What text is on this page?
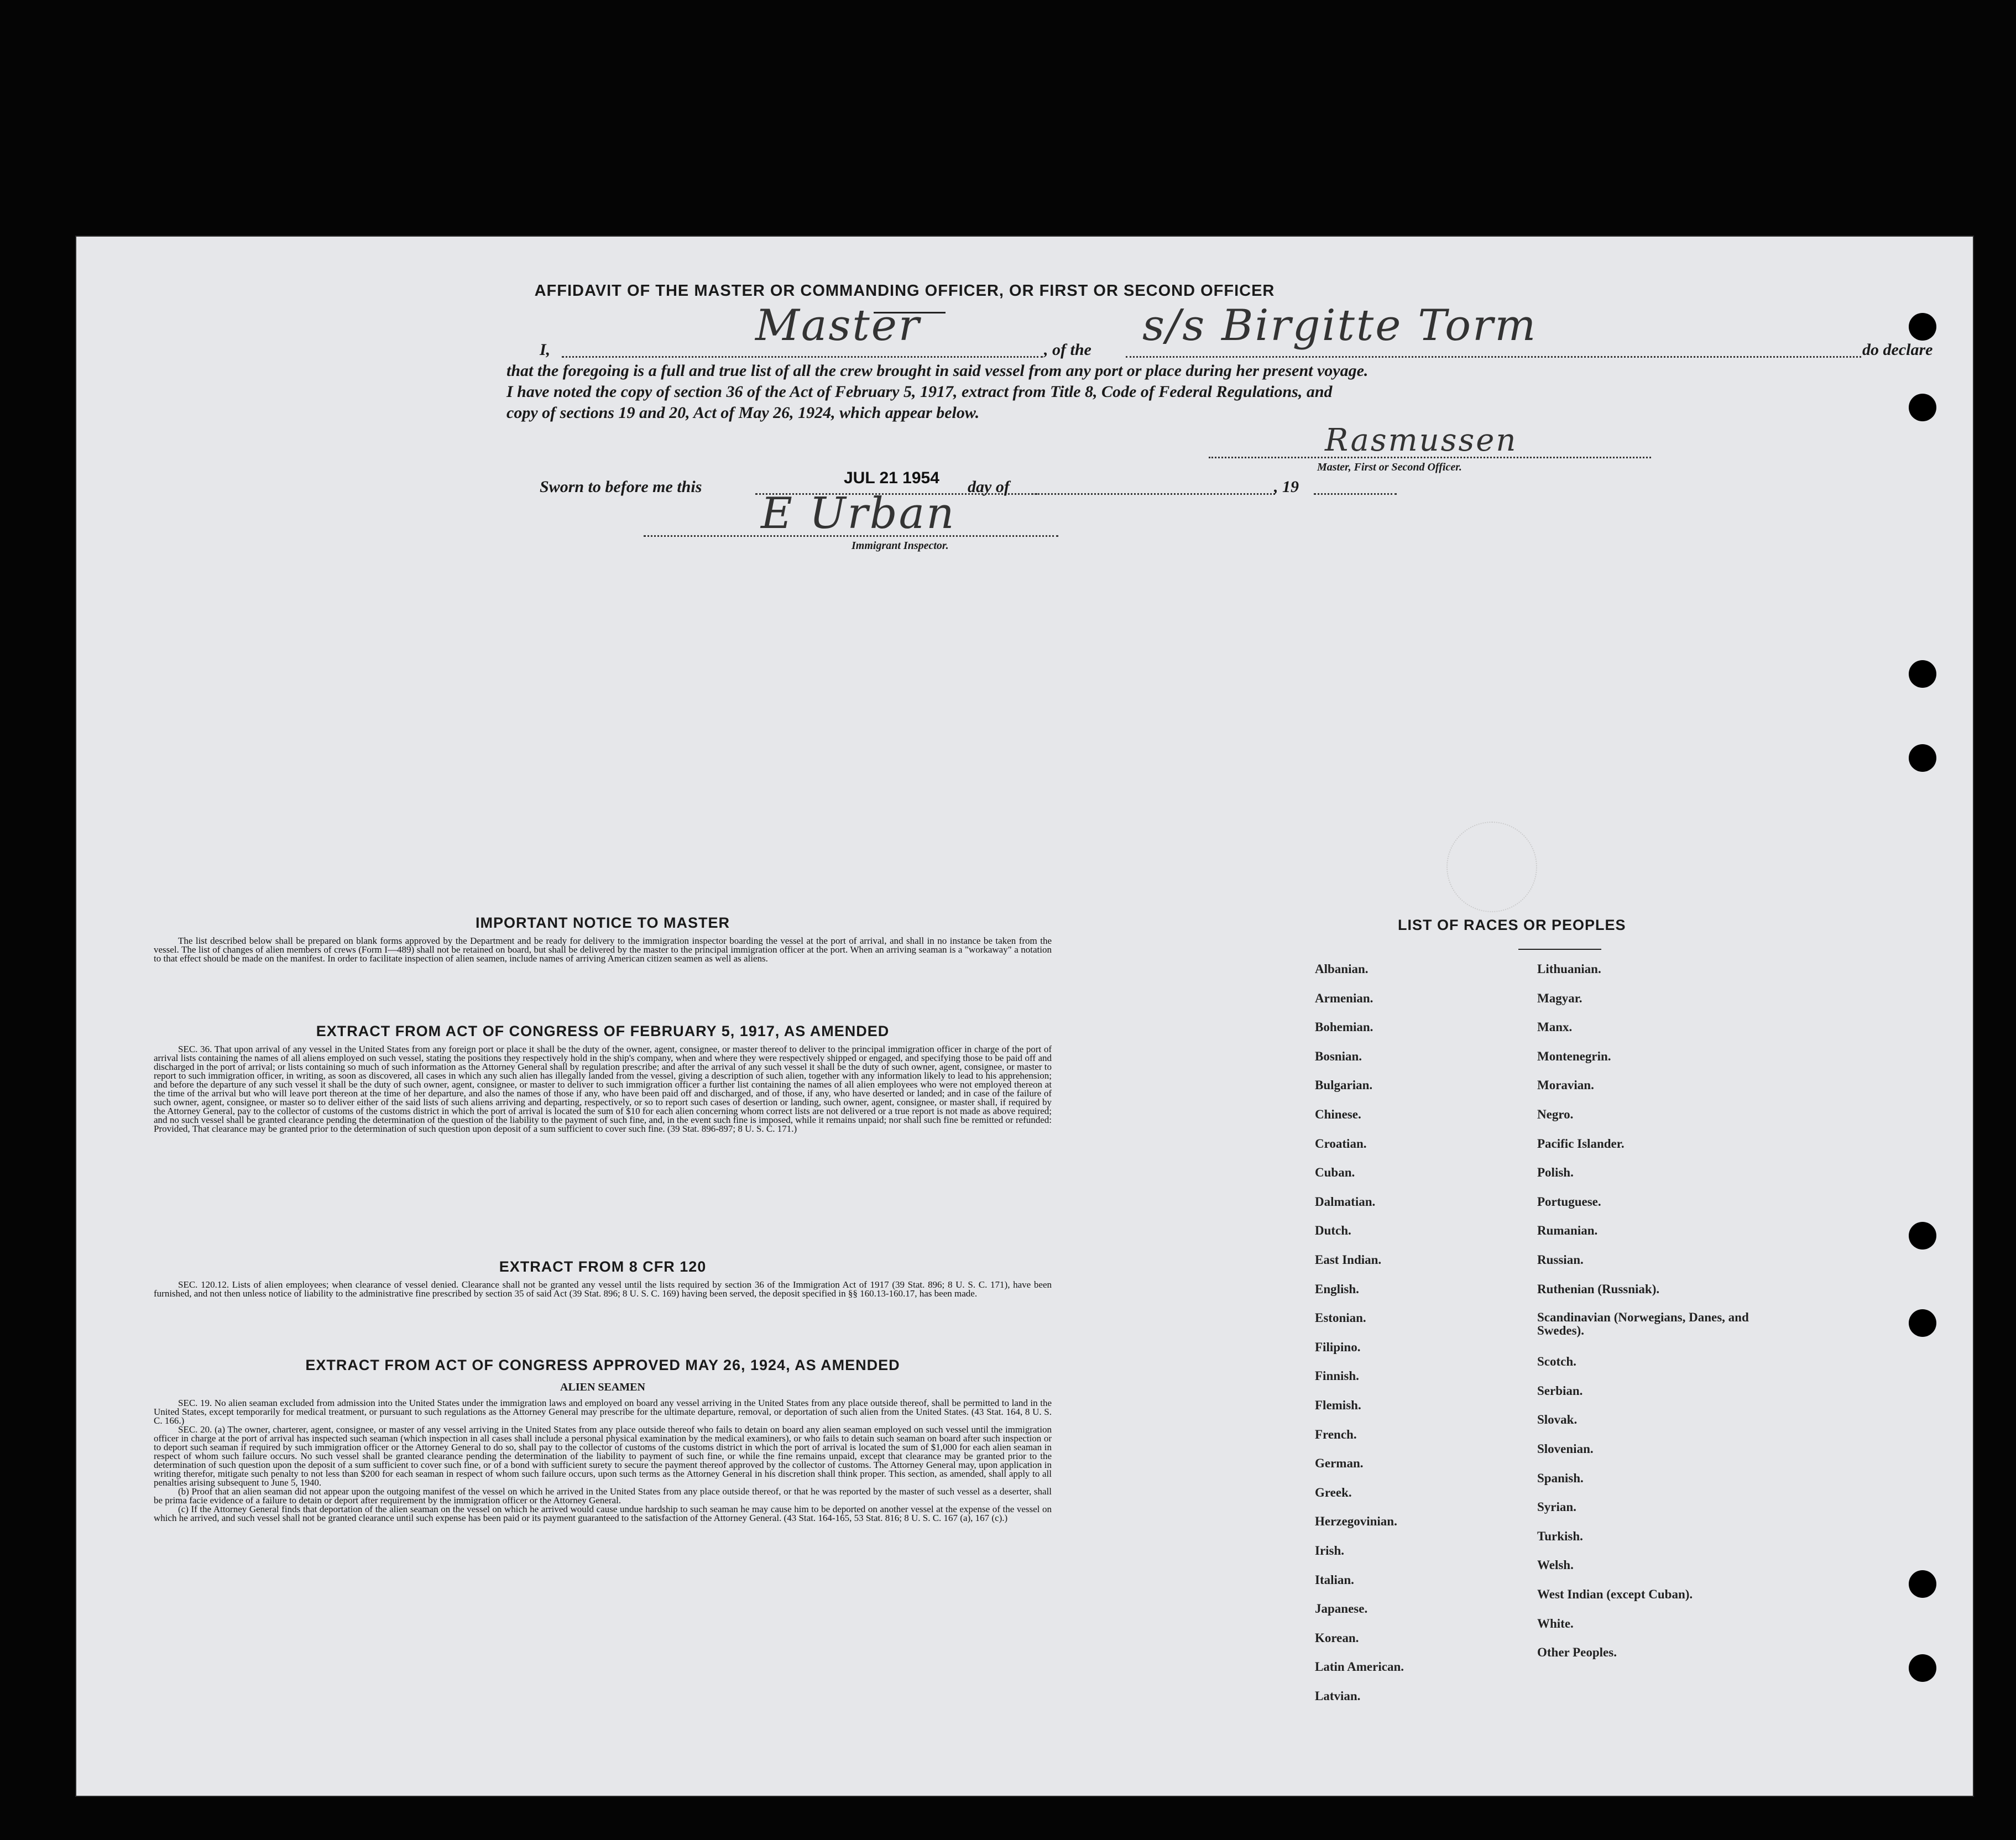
AFFIDAVIT OF THE MASTER OR COMMANDING OFFICER, OR FIRST OR SECOND OFFICER
I,	Master	, of the s/s Birgitte Torm	do declare
that the foregoing is a full and true list of all the crew brought in said vessel from any port or place during her present voyage.
I have noted the copy of section 36 of the Act of February 5, 1917, extract from Title 8, Code of Federal Regulations, and
copy of sections 19 and 20, Act of May 26, 1924, which appear below.
Rasmussen
Master, First or Second Officer.
Sworn to before me this	JUL 21 1954 day of	, 19
E Urban
Immigrant Inspector.
IMPORTANT NOTICE TO MASTER

The list described below shall be prepared on blank forms approved by the Department and be ready for delivery to the immigration inspector boarding the vessel at the port of arrival, and shall in no instance be taken from the vessel. The list of changes of alien members of crews (Form I—489) shall not be retained on board, but shall be delivered by the master to the principal immigration officer at the port. When an arriving seaman is a "workaway" a notation to that effect should be made on the manifest. In order to facilitate inspection of alien seamen, include names of arriving American citizen seamen as well as aliens.

EXTRACT FROM ACT OF CONGRESS OF FEBRUARY 5, 1917, AS AMENDED

SEC. 36. That upon arrival of any vessel in the United States from any foreign port or place it shall be the duty of the owner, agent, consignee, or master thereof to deliver to the principal immigration officer in charge of the port of arrival lists containing the names of all aliens employed on such vessel, stating the positions they respectively hold in the ship's company, when and where they were respectively shipped or engaged, and specifying those to be paid off and discharged in the port of arrival; or lists containing so much of such information as the Attorney General shall by regulation prescribe; and after the arrival of any such vessel it shall be the duty of such owner, agent, consignee, or master to report to such immigration officer, in writing, as soon as discovered, all cases in which any such alien has illegally landed from the vessel, giving a description of such alien, together with any information likely to lead to his apprehension; and before the departure of any such vessel it shall be the duty of such owner, agent, consignee, or master to deliver to such immigration officer a further list containing the names of all alien employees who were not employed thereon at the time of the arrival but who will leave port thereon at the time of her departure, and also the names of those if any, who have been paid off and discharged, and of those, if any, who have deserted or landed; and in case of the failure of such owner, agent, consignee, or master so to deliver either of the said lists of such aliens arriving and departing, respectively, or so to report such cases of desertion or landing, such owner, agent, consignee, or master shall, if required by the Attorney General, pay to the collector of customs of the customs district in which the port of arrival is located the sum of $10 for each alien concerning whom correct lists are not delivered or a true report is not made as above required; and no such vessel shall be granted clearance pending the determination of the question of the liability to the payment of such fine, and, in the event such fine is imposed, while it remains unpaid; nor shall such fine be remitted or refunded: Provided, That clearance may be granted prior to the determination of such question upon deposit of a sum sufficient to cover such fine. (39 Stat. 896-897; 8 U. S. C. 171.)

EXTRACT FROM 8 CFR 120

SEC. 120.12. Lists of alien employees; when clearance of vessel denied. Clearance shall not be granted any vessel until the lists required by section 36 of the Immigration Act of 1917 (39 Stat. 896; 8 U. S. C. 171), have been furnished, and not then unless notice of liability to the administrative fine prescribed by section 35 of said Act (39 Stat. 896; 8 U. S. C. 169) having been served, the deposit specified in §§ 160.13-160.17, has been made.

EXTRACT FROM ACT OF CONGRESS APPROVED MAY 26, 1924, AS AMENDED
ALIEN SEAMEN

SEC. 19. No alien seaman excluded from admission into the United States under the immigration laws and employed on board any vessel arriving in the United States from any place outside thereof, shall be permitted to land in the United States, except temporarily for medical treatment, or pursuant to such regulations as the Attorney General may prescribe for the ultimate departure, removal, or deportation of such alien from the United States. (43 Stat. 164, 8 U. S. C. 166.)

SEC. 20. (a) The owner, charterer, agent, consignee, or master of any vessel arriving in the United States from any place outside thereof who fails to detain on board any alien seaman employed on such vessel until the immigration officer in charge at the port of arrival has inspected such seaman (which inspection in all cases shall include a personal physical examination by the medical examiners), or who fails to detain such seaman on board after such inspection or to deport such seaman if required by such immigration officer or the Attorney General to do so, shall pay to the collector of customs of the customs district in which the port of arrival is located the sum of $1,000 for each alien seaman in respect of whom such failure occurs. No such vessel shall be granted clearance pending the determination of the liability to payment of such fine, or while the fine remains unpaid, except that clearance may be granted prior to the determination of such question upon the deposit of a sum sufficient to cover such fine, or of a bond with sufficient surety to secure the payment thereof approved by the collector of customs. The Attorney General may, upon application in writing therefor, mitigate such penalty to not less than $200 for each seaman in respect of whom such failure occurs, upon such terms as the Attorney General in his discretion shall think proper. This section, as amended, shall apply to all penalties arising subsequent to June 5, 1940.

(b) Proof that an alien seaman did not appear upon the outgoing manifest of the vessel on which he arrived in the United States from any place outside thereof, or that he was reported by the master of such vessel as a deserter, shall be prima facie evidence of a failure to detain or deport after requirement by the immigration officer or the Attorney General.

(c) If the Attorney General finds that deportation of the alien seaman on the vessel on which he arrived would cause undue hardship to such seaman he may cause him to be deported on another vessel at the expense of the vessel on which he arrived, and such vessel shall not be granted clearance until such expense has been paid or its payment guaranteed to the satisfaction of the Attorney General. (43 Stat. 164-165, 53 Stat. 816; 8 U. S. C. 167 (a), 167 (c).)

LIST OF RACES OR PEOPLES
Albanian.
Armenian.
Bohemian.
Bosnian.
Bulgarian.
Chinese.
Croatian.
Cuban.
Dalmatian.
Dutch.
East Indian.
English.
Estonian.
Filipino.
Finnish.
Flemish.
French.
German.
Greek.
Herzegovinian.
Irish.
Italian.
Japanese.
Korean.
Latin American.
Latvian.
Lithuanian.
Magyar.
Manx.
Montenegrin.
Moravian.
Negro.
Pacific Islander.
Polish.
Portuguese.
Rumanian.
Russian.
Ruthenian (Russniak).
Scandinavian (Norwegians, Danes, and Swedes).
Scotch.
Serbian.
Slovak.
Slovenian.
Spanish.
Syrian.
Turkish.
Welsh.
West Indian (except Cuban).
White.
Other Peoples.
